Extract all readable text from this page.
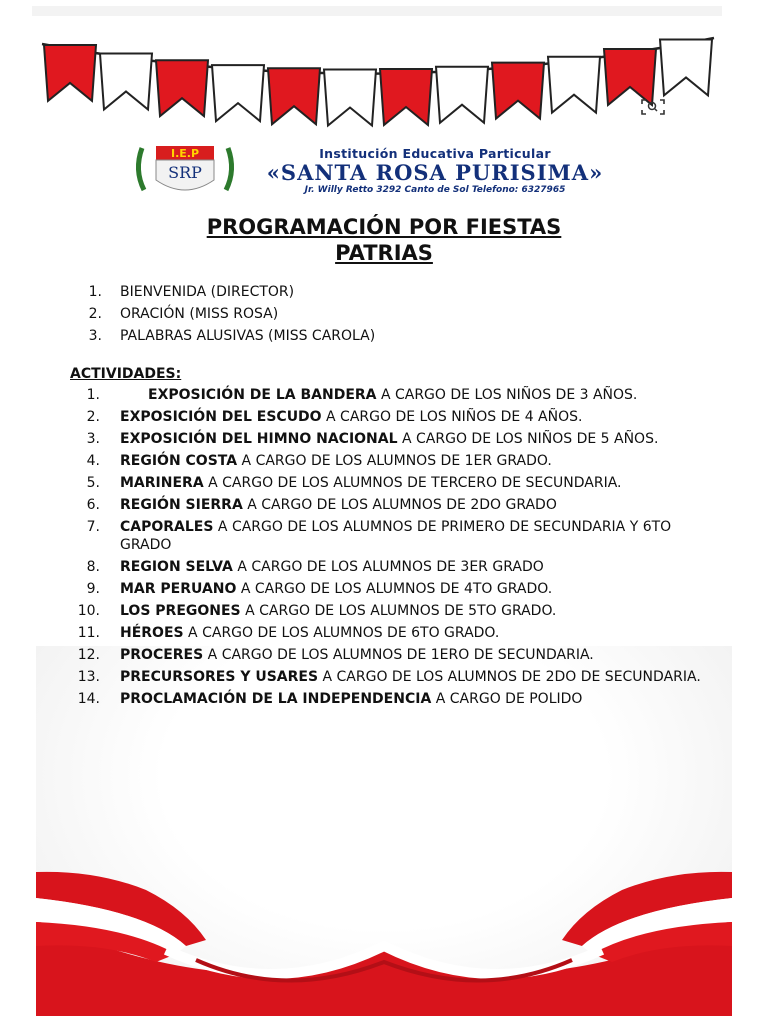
I.E.P
SRP
Institución Educativa Particular
«SANTA ROSA PURISIMA»
Jr. Willy Retto 3292 Canto de Sol Telefono: 6327965
PROGRAMACIÓN POR FIESTAS
PATRIAS
1.	BIENVENIDA (DIRECTOR)
2.	ORACIÓN (MISS ROSA)
3.	PALABRAS ALUSIVAS (MISS CAROLA)
ACTIVIDADES:
1.	EXPOSICIÓN DE LA BANDERA A CARGO DE LOS NIÑOS DE 3 AÑOS.
2. EXPOSICIÓN DEL ESCUDO A CARGO DE LOS NIÑOS DE 4 AÑOS.
3. EXPOSICIÓN DEL HIMNO NACIONAL A CARGO DE LOS NIÑOS DE 5 AÑOS.
4. REGIÓN COSTA A CARGO DE LOS ALUMNOS DE 1ER GRADO.
5. MARINERA A CARGO DE LOS ALUMNOS DE TERCERO DE SECUNDARIA.
6. REGIÓN SIERRA A CARGO DE LOS ALUMNOS DE 2DO GRADO
7. CAPORALES A CARGO DE LOS ALUMNOS DE PRIMERO DE SECUNDARIA Y 6TO GRADO
8. REGION SELVA A CARGO DE LOS ALUMNOS DE 3ER GRADO
9. MAR PERUANO A CARGO DE LOS ALUMNOS DE 4TO GRADO.
10. LOS PREGONES A CARGO DE LOS ALUMNOS DE 5TO GRADO.
11. HÉROES A CARGO DE LOS ALUMNOS DE 6TO GRADO.
12. PROCERES A CARGO DE LOS ALUMNOS DE 1ERO DE SECUNDARIA.
13. PRECURSORES Y USARES A CARGO DE LOS ALUMNOS DE 2DO DE SECUNDARIA.
14. PROCLAMACIÓN DE LA INDEPENDENCIA A CARGO DE POLIDO
